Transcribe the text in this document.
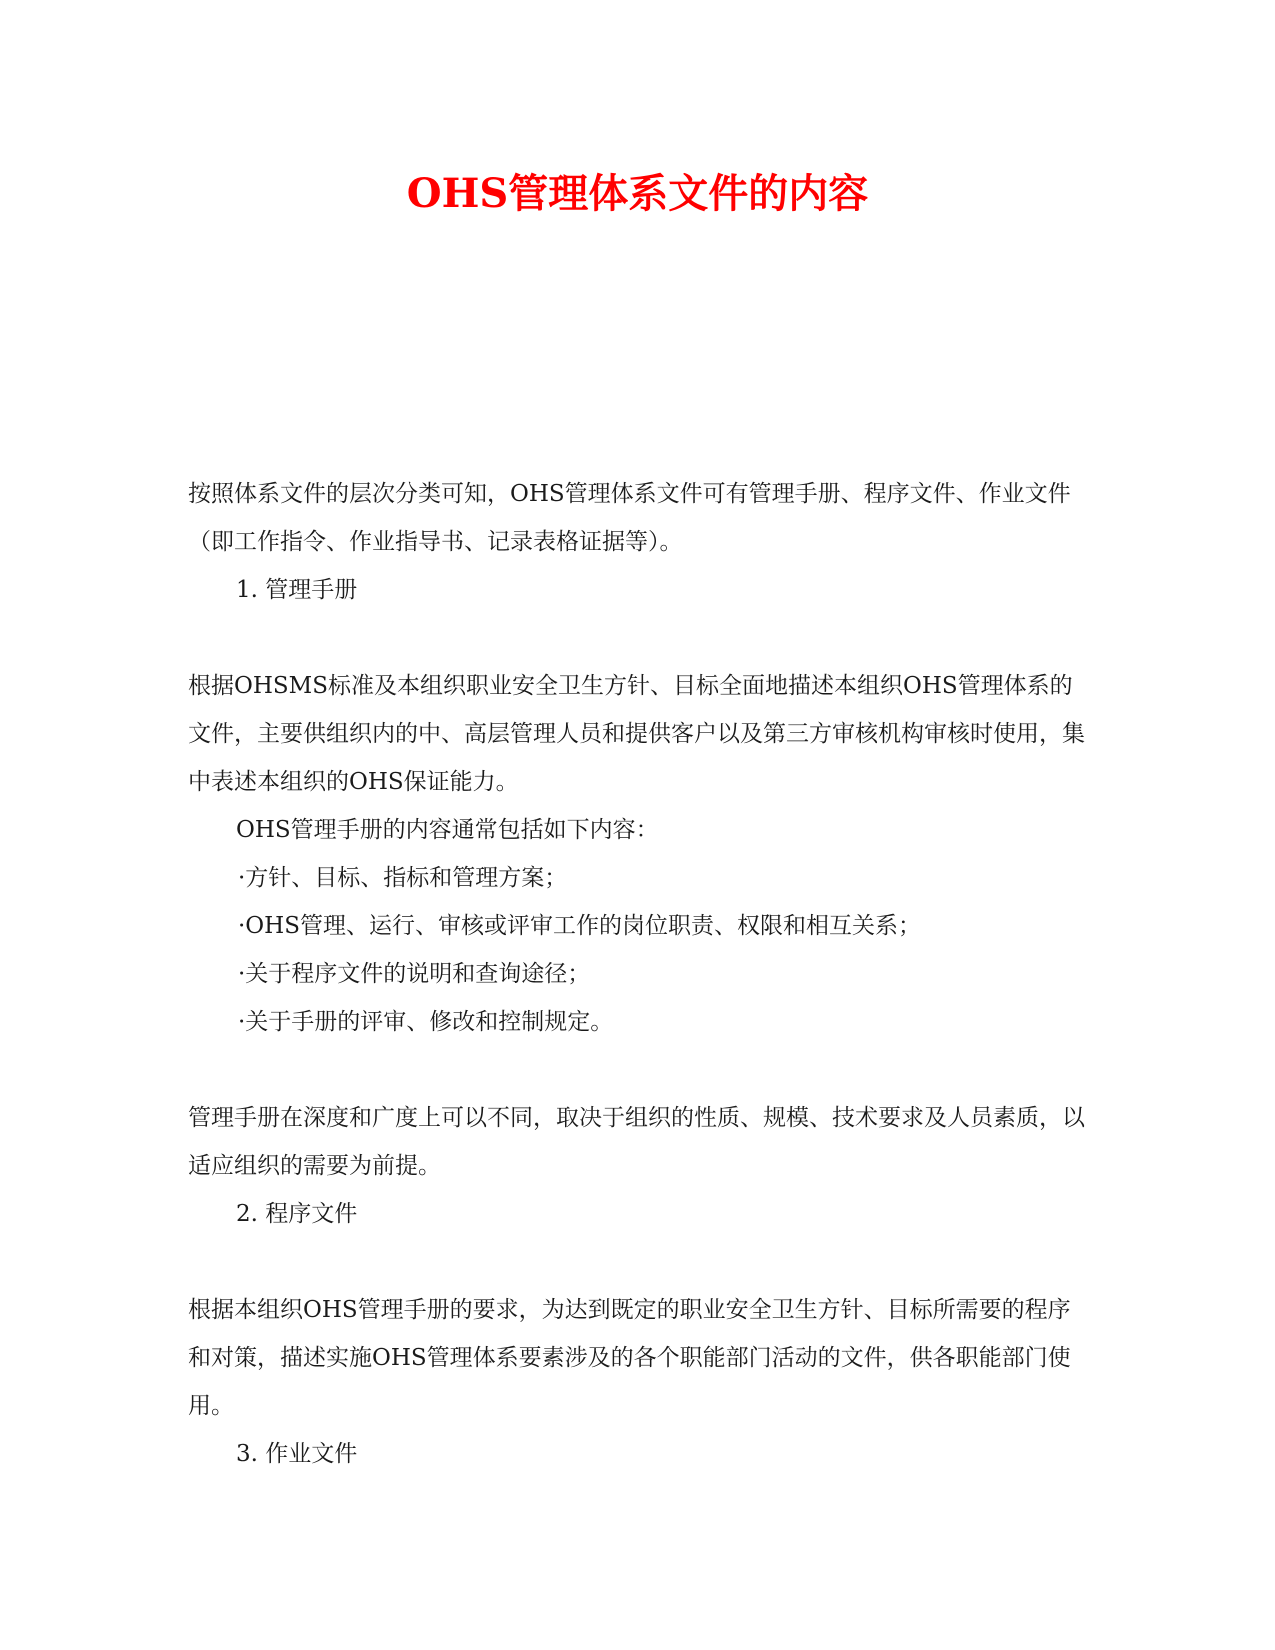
OHS管理体系文件的内容

按照体系文件的层次分类可知，OHS管理体系文件可有管理手册、程序文件、作业文件（即工作指令、作业指导书、记录表格证据等）。

1. 管理手册

根据OHSMS标准及本组织职业安全卫生方针、目标全面地描述本组织OHS管理体系的文件，主要供组织内的中、高层管理人员和提供客户以及第三方审核机构审核时使用，集中表述本组织的OHS保证能力。

OHS管理手册的内容通常包括如下内容：

·方针、目标、指标和管理方案；

·OHS管理、运行、审核或评审工作的岗位职责、权限和相互关系；

·关于程序文件的说明和查询途径；

·关于手册的评审、修改和控制规定。

管理手册在深度和广度上可以不同，取决于组织的性质、规模、技术要求及人员素质，以适应组织的需要为前提。

2. 程序文件

根据本组织OHS管理手册的要求，为达到既定的职业安全卫生方针、目标所需要的程序和对策，描述实施OHS管理体系要素涉及的各个职能部门活动的文件，供各职能部门使用。

3. 作业文件
